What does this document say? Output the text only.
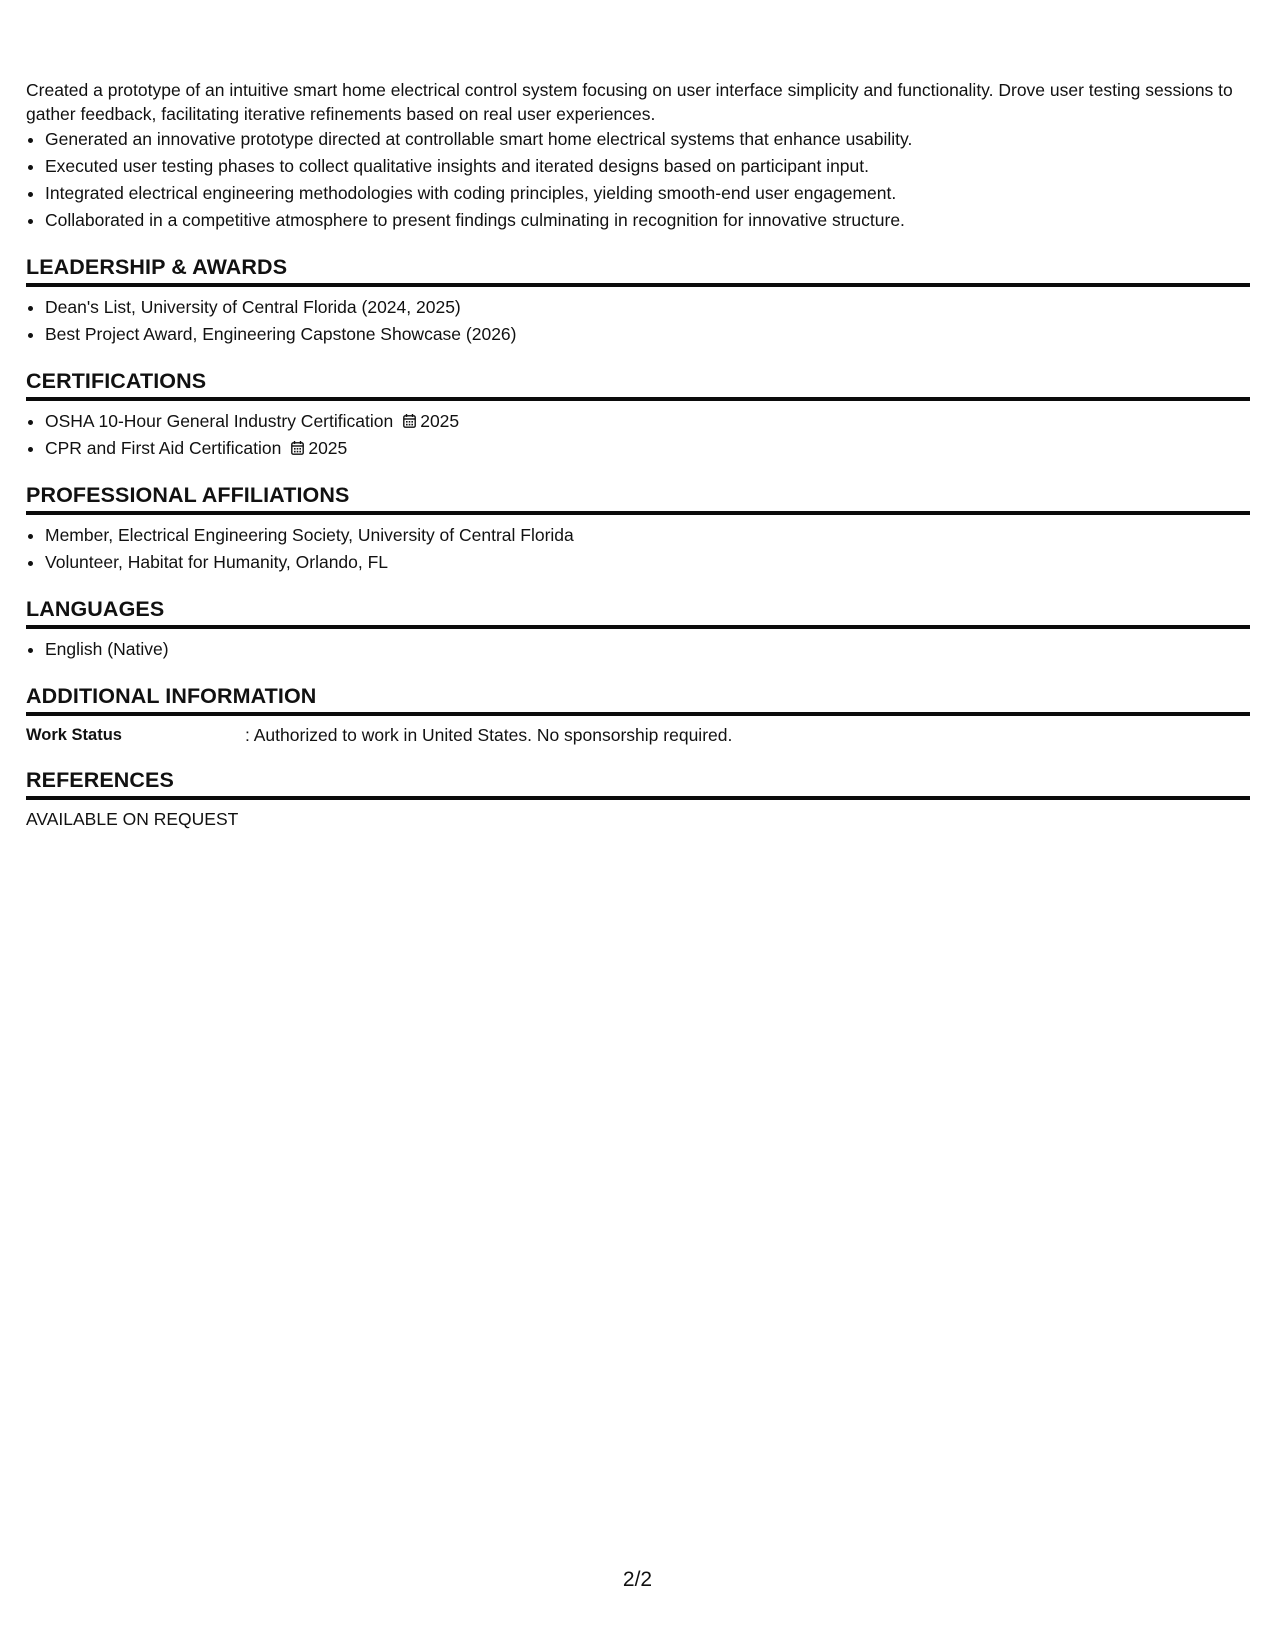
Created a prototype of an intuitive smart home electrical control system focusing on user interface simplicity and functionality. Drove user testing sessions to gather feedback, facilitating iterative refinements based on real user experiences.

• Generated an innovative prototype directed at controllable smart home electrical systems that enhance usability.
• Executed user testing phases to collect qualitative insights and iterated designs based on participant input.
• Integrated electrical engineering methodologies with coding principles, yielding smooth-end user engagement.
• Collaborated in a competitive atmosphere to present findings culminating in recognition for innovative structure.
LEADERSHIP & AWARDS
• Dean's List, University of Central Florida (2024, 2025)
• Best Project Award, Engineering Capstone Showcase (2026)
CERTIFICATIONS
• OSHA 10-Hour General Industry Certification 2025
• CPR and First Aid Certification 2025
PROFESSIONAL AFFILIATIONS
• Member, Electrical Engineering Society, University of Central Florida
• Volunteer, Habitat for Humanity, Orlando, FL
LANGUAGES
• English (Native)
ADDITIONAL INFORMATION
Work Status	: Authorized to work in United States. No sponsorship required.
REFERENCES
AVAILABLE ON REQUEST
2/2
